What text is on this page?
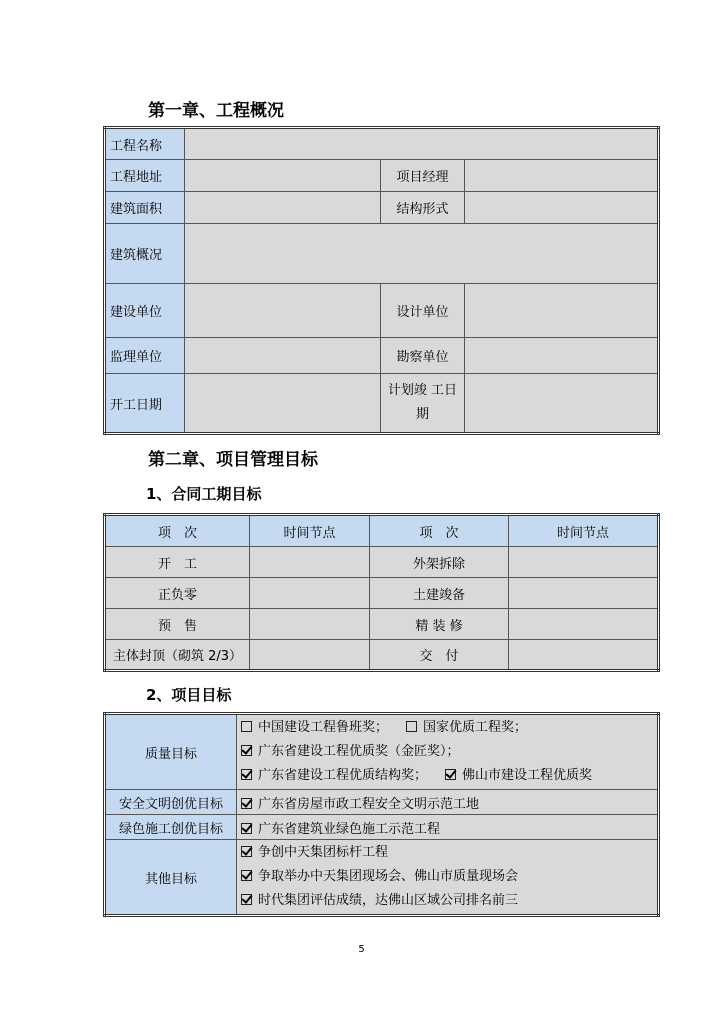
第一章、工程概况
工程名称			
工程地址		项目经理	
建筑面积		结构形式	
建筑概况			
建设单位		设计单位	
监理单位		勘察单位	
开工日期		计划竣 工日期	
第二章、项目管理目标
1、合同工期目标
项　次	时间节点	项　次	时间节点
开　工		外架拆除	
正负零		土建竣备	
预　售		精 装 修	
主体封顶（砌筑 2/3）		交　付	
2、项目目标
质量目标	中国建设工程鲁班奖； 国家优质工程奖；
广东省建设工程优质奖（金匠奖）；
广东省建设工程优质结构奖； 佛山市建设工程优质奖

安全文明创优目标	广东省房屋市政工程安全文明示范工地
绿色施工创优目标	广东省建筑业绿色施工示范工程
其他目标	争创中天集团标杆工程
争取举办中天集团现场会、佛山市质量现场会
时代集团评估成绩，达佛山区域公司排名前三
5
